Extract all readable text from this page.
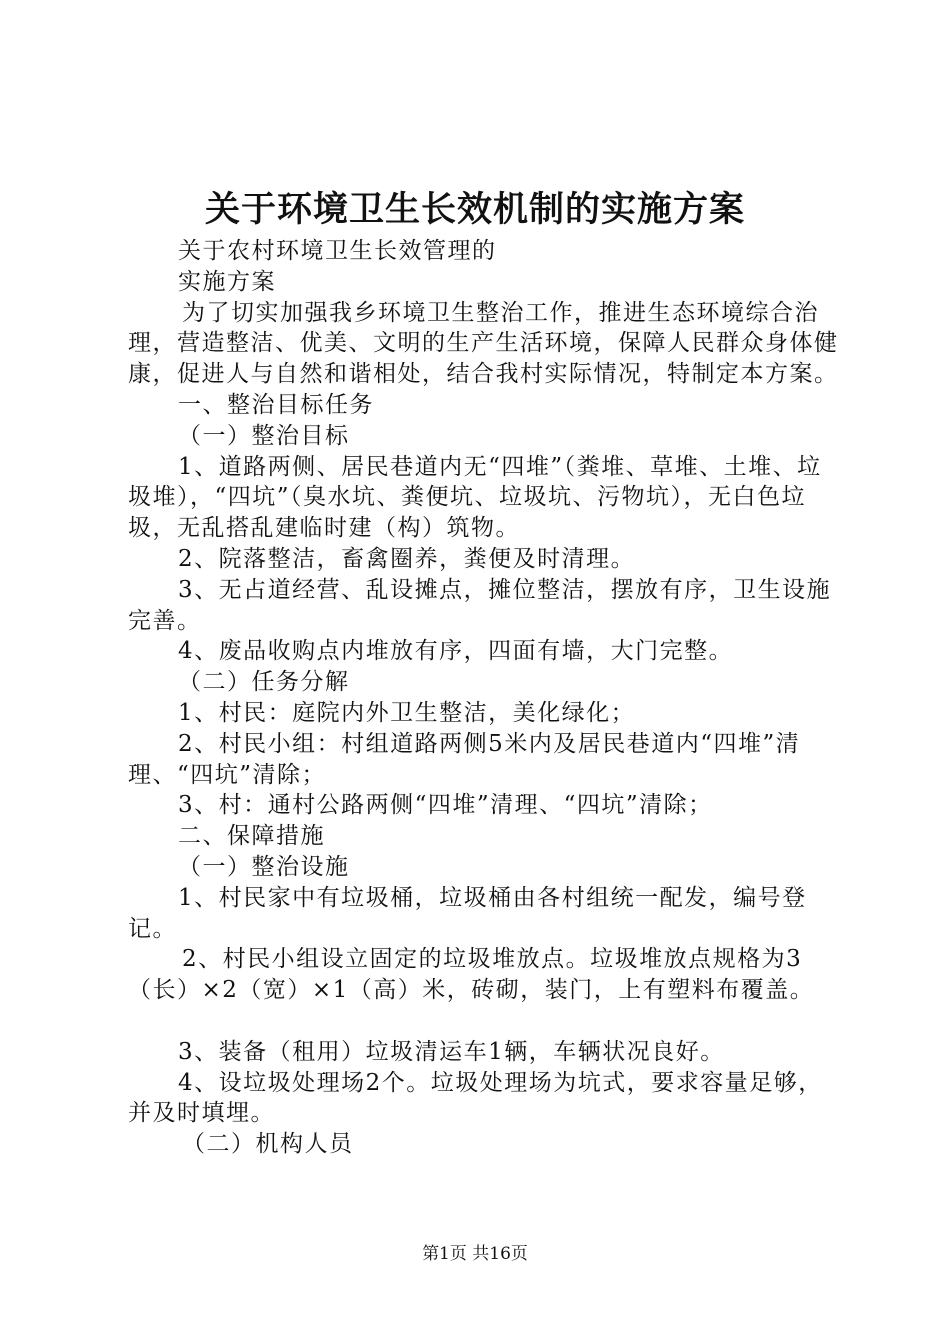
关于环境卫生长效机制的实施方案

关于农村环境卫生长效管理的

实施方案

为了切实加强我乡环境卫生整治工作，推进生态环境综合治理，营造整洁、优美、文明的生产生活环境，保障人民群众身体健康，促进人与自然和谐相处，结合我村实际情况，特制定本方案。

一、整治目标任务

（一）整治目标

1、道路两侧、居民巷道内无“四堆”（粪堆、草堆、土堆、垃圾堆），“四坑”（臭水坑、粪便坑、垃圾坑、污物坑），无白色垃圾，无乱搭乱建临时建（构）筑物。

2、院落整洁，畜禽圈养，粪便及时清理。

3、无占道经营、乱设摊点，摊位整洁，摆放有序，卫生设施完善。

4、废品收购点内堆放有序，四面有墙，大门完整。

（二）任务分解

1、村民：庭院内外卫生整洁，美化绿化；

2、村民小组：村组道路两侧5米内及居民巷道内“四堆”清理、“四坑”清除；

3、村：通村公路两侧“四堆”清理、“四坑”清除；

二、保障措施

（一）整治设施

1、村民家中有垃圾桶，垃圾桶由各村组统一配发，编号登记。

2、村民小组设立固定的垃圾堆放点。垃圾堆放点规格为3（长）×2（宽）×1（高）米，砖砌，装门，上有塑料布覆盖。

3、装备（租用）垃圾清运车1辆，车辆状况良好。

4、设垃圾处理场2个。垃圾处理场为坑式，要求容量足够，并及时填埋。

（二）机构人员

第1页 共16页
